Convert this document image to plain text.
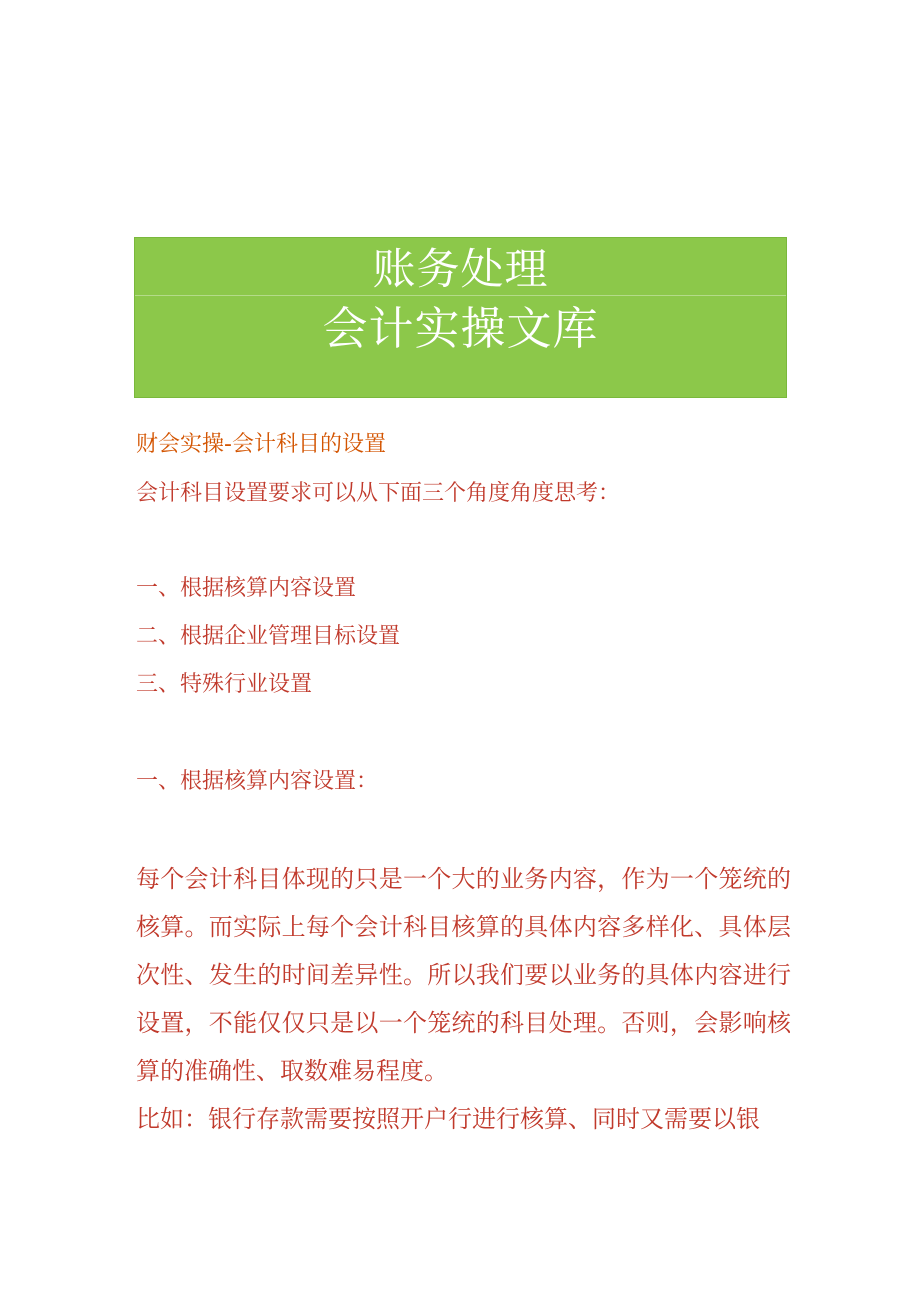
账务处理
会计实操文库
财会实操-会计科目的设置
会计科目设置要求可以从下面三个角度角度思考：
一、根据核算内容设置
二、根据企业管理目标设置
三、特殊行业设置
一、根据核算内容设置：
每个会计科目体现的只是一个大的业务内容，作为一个笼统的核算。而实际上每个会计科目核算的具体内容多样化、具体层次性、发生的时间差异性。所以我们要以业务的具体内容进行设置，不能仅仅只是以一个笼统的科目处理。否则，会影响核算的准确性、取数难易程度。
比如：银行存款需要按照开户行进行核算、同时又需要以银
